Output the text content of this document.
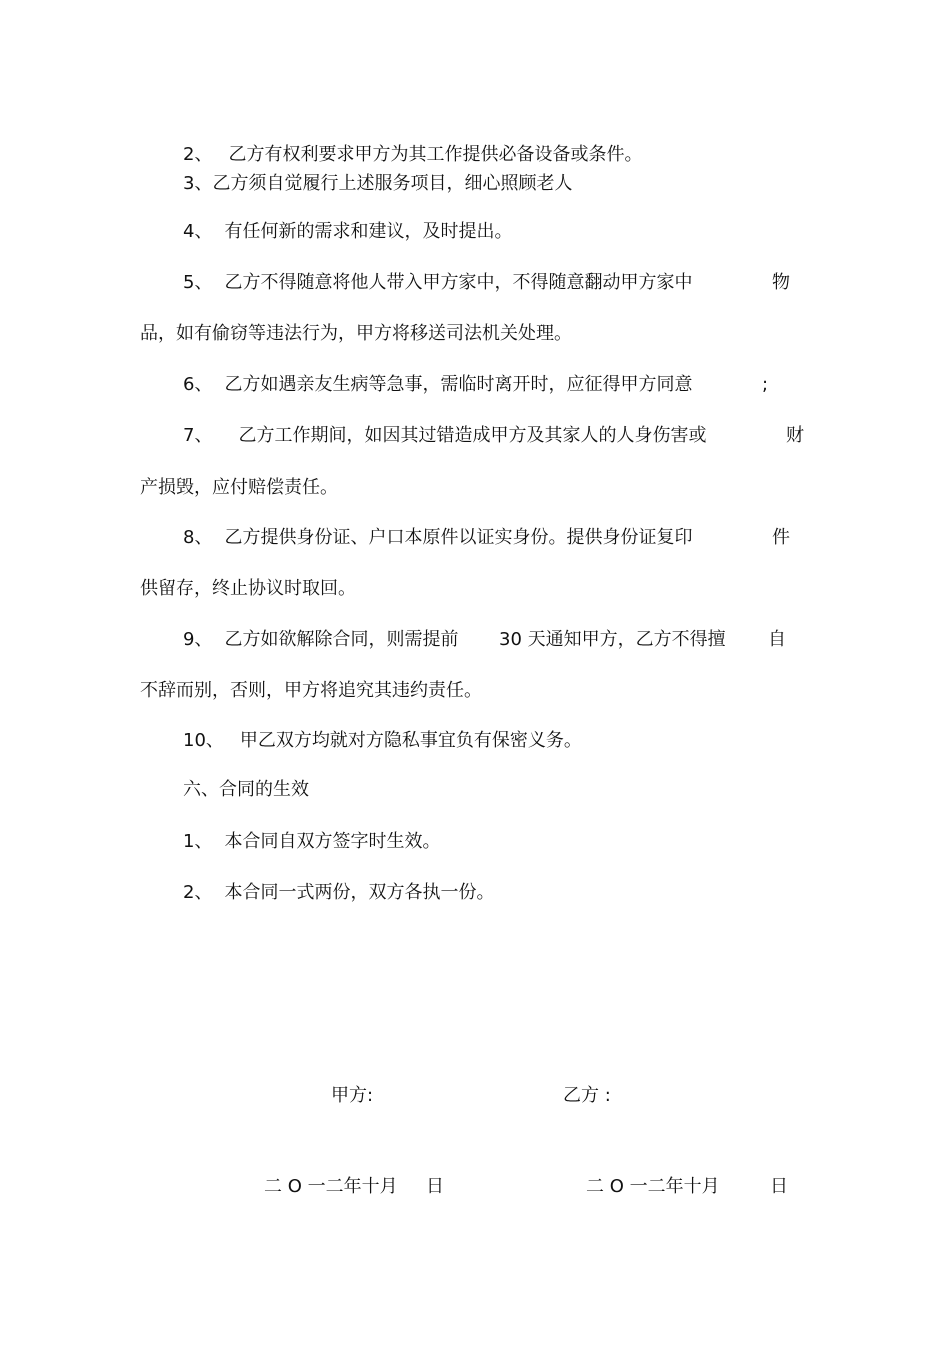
2、 乙方有权利要求甲方为其工作提供必备设备或条件。
3、乙方须自觉履行上述服务项目，细心照顾老人
4、 有任何新的需求和建议，及时提出。
5、 乙方不得随意将他人带入甲方家中，不得随意翻动甲方家中	物
品，如有偷窃等违法行为，甲方将移送司法机关处理。
6、 乙方如遇亲友生病等急事，需临时离开时，应征得甲方同意	;
7、 乙方工作期间，如因其过错造成甲方及其家人的人身伤害或	财
产损毁，应付赔偿责任。
8、 乙方提供身份证、户口本原件以证实身份。提供身份证复印	件
供留存，终止协议时取回。
9、 乙方如欲解除合同，则需提前 30 天通知甲方，乙方不得擅 自
不辞而别，否则，甲方将追究其违约责任。
10、 甲乙双方均就对方隐私事宜负有保密义务。
六、合同的生效
1、 本合同自双方签字时生效。
2、 本合同一式两份，双方各执一份。
甲方:	乙方 :
二 O 一二年十月 日	二 O 一二年十月	日
